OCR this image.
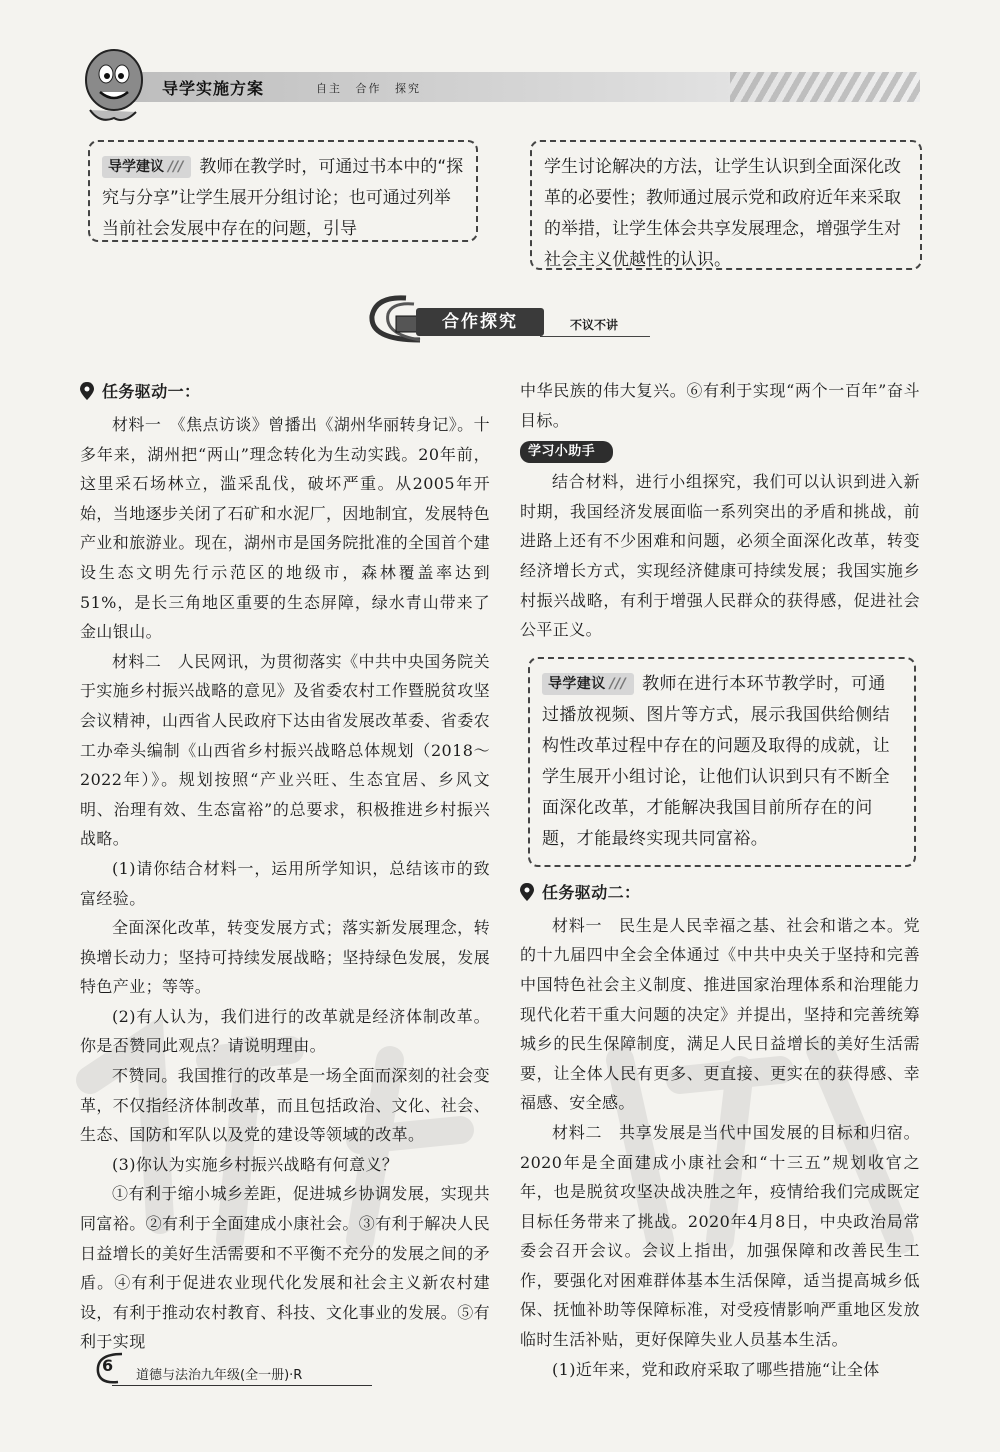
导学实施方案	自主 合作 探究
导学建议 /// 教师在教学时，可通过书本中的“探究与分享”让学生展开分组讨论；也可通过列举当前社会发展中存在的问题，引导
学生讨论解决的方法，让学生认识到全面深化改革的必要性；教师通过展示党和政府近年来采取的举措，让学生体会共享发展理念，增强学生对社会主义优越性的认识。
合作探究	不议不讲
任务驱动一：

材料一　《焦点访谈》曾播出《湖州华丽转身记》。十多年来，湖州把“两山”理念转化为生动实践。20年前，这里采石场林立，滥采乱伐，破坏严重。从2005年开始，当地逐步关闭了石矿和水泥厂，因地制宜，发展特色产业和旅游业。现在，湖州市是国务院批准的全国首个建设生态文明先行示范区的地级市，森林覆盖率达到51%，是长三角地区重要的生态屏障，绿水青山带来了金山银山。

材料二　人民网讯，为贯彻落实《中共中央国务院关于实施乡村振兴战略的意见》及省委农村工作暨脱贫攻坚会议精神，山西省人民政府下达由省发展改革委、省委农工办牵头编制《山西省乡村振兴战略总体规划（2018～2022年）》。规划按照“产业兴旺、生态宜居、乡风文明、治理有效、生态富裕”的总要求，积极推进乡村振兴战略。

(1)请你结合材料一，运用所学知识，总结该市的致富经验。

全面深化改革，转变发展方式；落实新发展理念，转换增长动力；坚持可持续发展战略；坚持绿色发展，发展特色产业；等等。

(2)有人认为，我们进行的改革就是经济体制改革。你是否赞同此观点？请说明理由。

不赞同。我国推行的改革是一场全面而深刻的社会变革，不仅指经济体制改革，而且包括政治、文化、社会、生态、国防和军队以及党的建设等领域的改革。

(3)你认为实施乡村振兴战略有何意义？

①有利于缩小城乡差距，促进城乡协调发展，实现共同富裕。②有利于全面建成小康社会。③有利于解决人民日益增长的美好生活需要和不平衡不充分的发展之间的矛盾。④有利于促进农业现代化发展和社会主义新农村建设，有利于推动农村教育、科技、文化事业的发展。⑤有利于实现

中华民族的伟大复兴。⑥有利于实现“两个一百年”奋斗目标。

学习小助手

结合材料，进行小组探究，我们可以认识到进入新时期，我国经济发展面临一系列突出的矛盾和挑战，前进路上还有不少困难和问题，必须全面深化改革，转变经济增长方式，实现经济健康可持续发展；我国实施乡村振兴战略，有利于增强人民群众的获得感，促进社会公平正义。

导学建议 /// 教师在进行本环节教学时，可通过播放视频、图片等方式，展示我国供给侧结构性改革过程中存在的问题及取得的成就，让学生展开小组讨论，让他们认识到只有不断全面深化改革，才能解决我国目前所存在的问题，才能最终实现共同富裕。
任务驱动二：

材料一　民生是人民幸福之基、社会和谐之本。党的十九届四中全会全体通过《中共中央关于坚持和完善中国特色社会主义制度、推进国家治理体系和治理能力现代化若干重大问题的决定》并提出，坚持和完善统筹城乡的民生保障制度，满足人民日益增长的美好生活需要，让全体人民有更多、更直接、更实在的获得感、幸福感、安全感。

材料二　共享发展是当代中国发展的目标和归宿。2020年是全面建成小康社会和“十三五”规划收官之年，也是脱贫攻坚决战决胜之年，疫情给我们完成既定目标任务带来了挑战。2020年4月8日，中央政治局常委会召开会议。会议上指出，加强保障和改善民生工作，要强化对困难群体基本生活保障，适当提高城乡低保、抚恤补助等保障标准，对受疫情影响严重地区发放临时生活补贴，更好保障失业人员基本生活。

(1)近年来，党和政府采取了哪些措施“让全体

6
道德与法治九年级(全一册)·R
